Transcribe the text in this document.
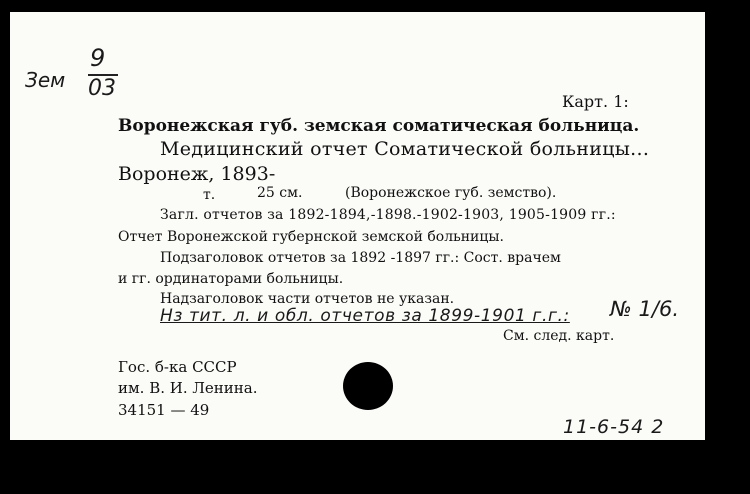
Зем
9
03
Карт. 1:
Воронежская губ. земская соматическая больница.
Медицинский отчет Соматической больницы...
Воронеж, 1893-
т.	25 см.	(Воронежское губ. земство).
Загл. отчетов за 1892-1894,-1898.-1902-1903, 1905-1909 гг.:
Отчет Воронежской губернской земской больницы.
Подзаголовок отчетов за 1892 -1897 гг.: Сост. врачем
и гг. ординаторами больницы.
Надзаголовок части отчетов не указан.
Нз тит. л. и обл. отчетов за 1899-1901 г.г.: № 1/6.
См. след. карт.
Гос. б-ка СССР
им. В. И. Ленина.
34151 — 49
11-6-54 2
